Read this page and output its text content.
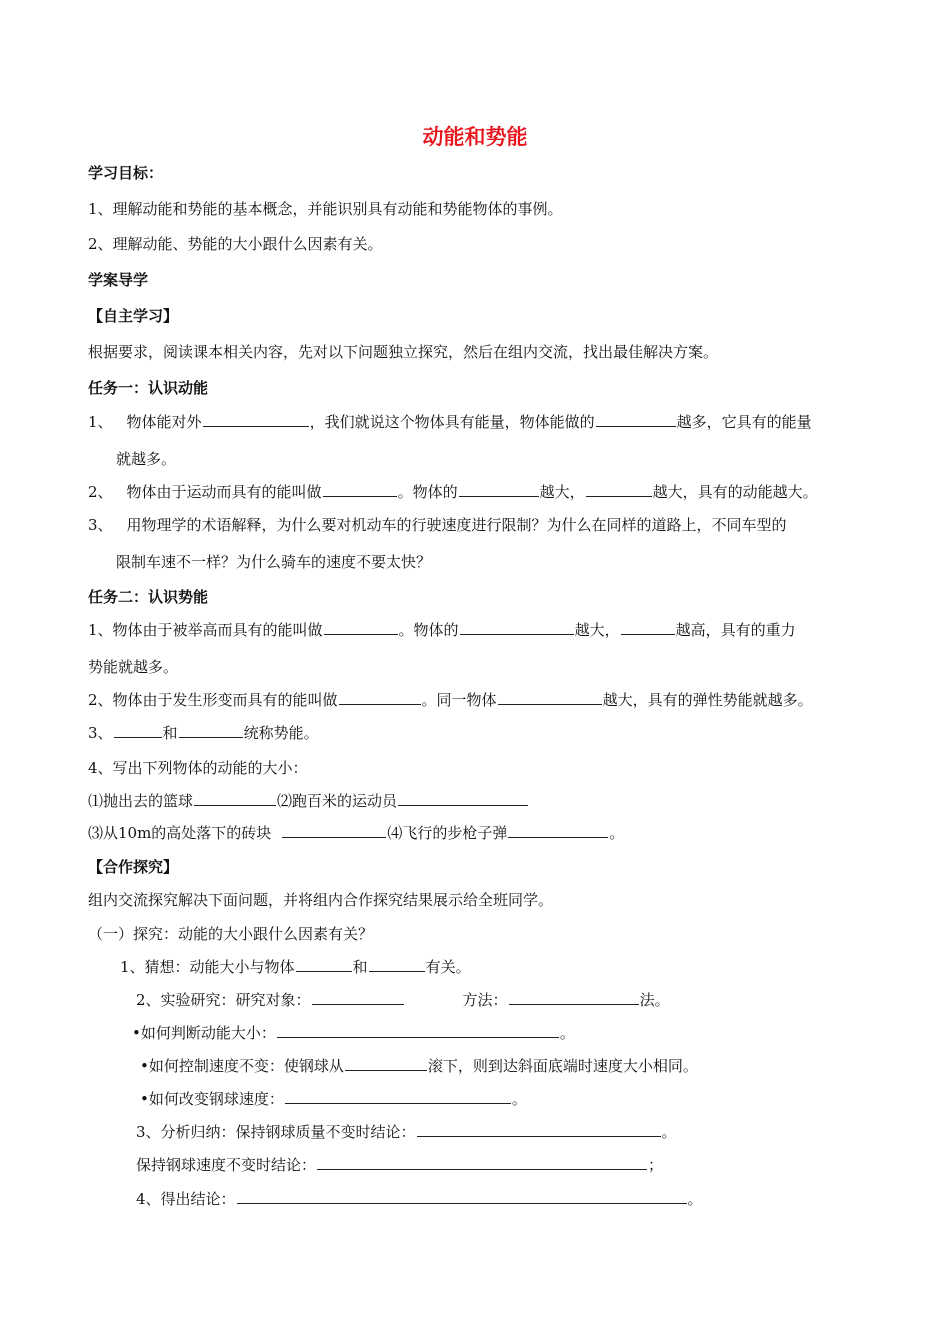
动能和势能
学习目标：
1、理解动能和势能的基本概念，并能识别具有动能和势能物体的事例。
2、理解动能、势能的大小跟什么因素有关。
学案导学
【自主学习】
根据要求，阅读课本相关内容，先对以下问题独立探究，然后在组内交流，找出最佳解决方案。
任务一：认识动能
1、 物体能对外	，我们就说这个物体具有能量，物体能做的	越多，它具有的能量
就越多。
2、 物体由于运动而具有的能叫做	。物体的	越大，	越大，具有的动能越大。
3、 用物理学的术语解释，为什么要对机动车的行驶速度进行限制？为什么在同样的道路上，不同车型的
限制车速不一样？为什么骑车的速度不要太快？
任务二：认识势能
1、物体由于被举高而具有的能叫做	。物体的	越大，	越高，具有的重力
势能就越多。
2、物体由于发生形变而具有的能叫做	。同一物体	越大，具有的弹性势能就越多。
3、	和	统称势能。
4、写出下列物体的动能的大小：
⑴抛出去的篮球	⑵跑百米的运动员
⑶从10m的高处落下的砖块	⑷飞行的步枪子弹	。
【合作探究】
组内交流探究解决下面问题，并将组内合作探究结果展示给全班同学。
（一）探究：动能的大小跟什么因素有关？
1、猜想：动能大小与物体	和	有关。
2、实验研究：研究对象：	方法：	法。
•如何判断动能大小：	。
•如何控制速度不变：使钢球从	滚下，则到达斜面底端时速度大小相同。
•如何改变钢球速度：	。
3、分析归纳：保持钢球质量不变时结论：	。
保持钢球速度不变时结论：	；
4、得出结论：	。
